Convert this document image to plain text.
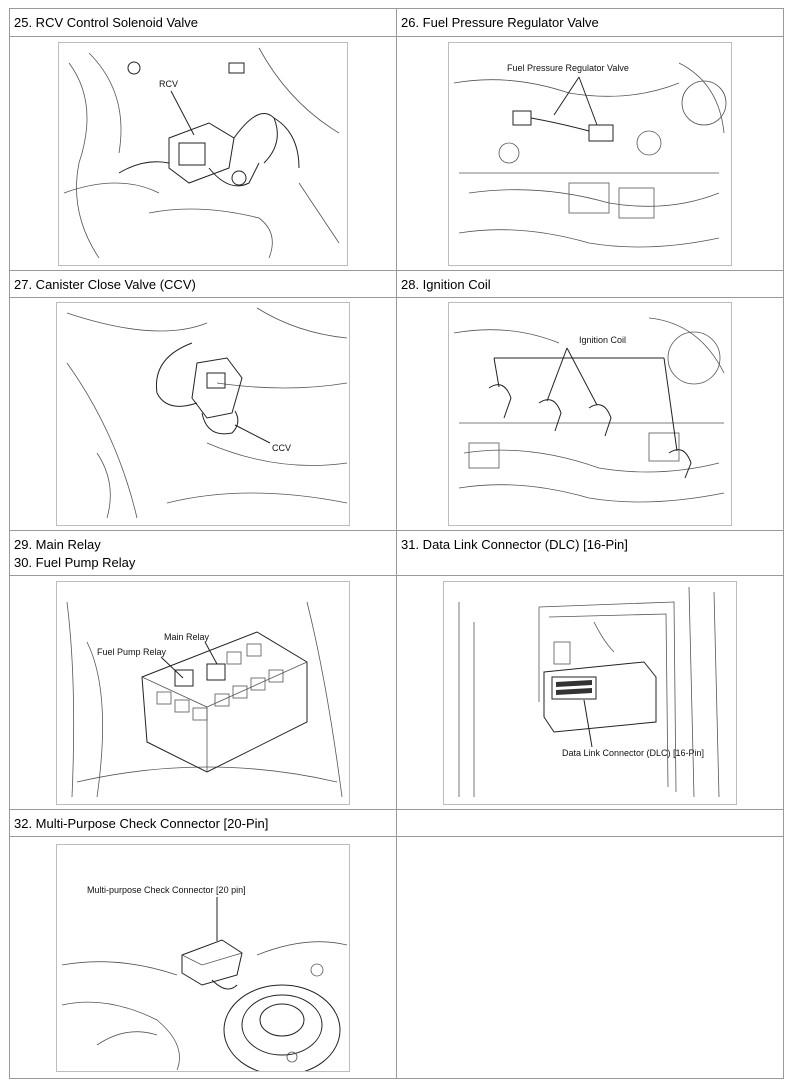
25. RCV Control Solenoid Valve	26. Fuel Pressure Regulator Valve
RCV
Fuel Pressure Regulator Valve
27. Canister Close Valve (CCV)	28. Ignition Coil
CCV
Ignition Coil
29. Main Relay
30. Fuel Pump Relay
31. Data Link Connector (DLC) [16-Pin]
Main Relay
Fuel Pump Relay
Data Link Connector (DLC) [16-Pin]
32. Multi-Purpose Check Connector [20-Pin]
Multi-purpose Check Connector [20 pin]
